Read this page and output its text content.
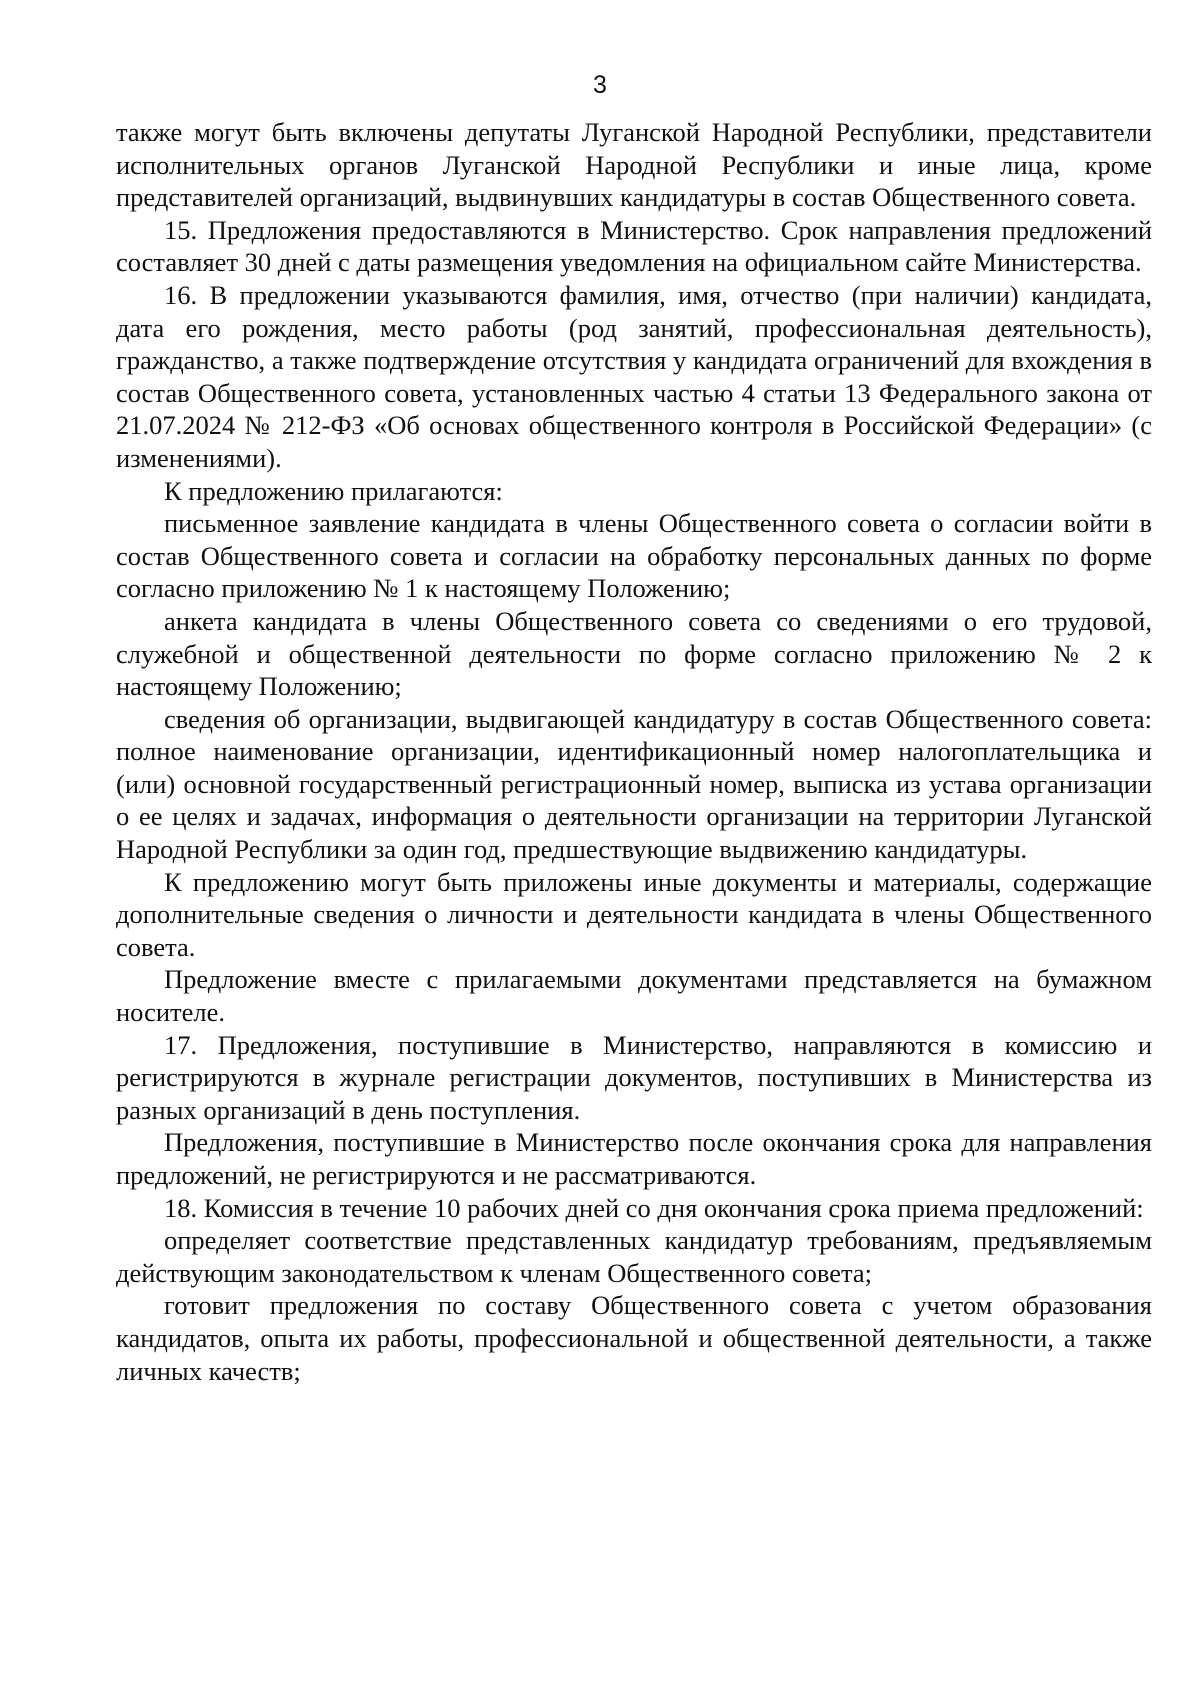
3

также могут быть включены депутаты Луганской Народной Республики, представители исполнительных органов Луганской Народной Республики и иные лица, кроме представителей организаций, выдвинувших кандидатуры в состав Общественного совета.

15. Предложения предоставляются в Министерство. Срок направления предложений составляет 30 дней с даты размещения уведомления на официальном сайте Министерства.

16. В предложении указываются фамилия, имя, отчество (при наличии) кандидата, дата его рождения, место работы (род занятий, профессиональная деятельность), гражданство, а также подтверждение отсутствия у кандидата ограничений для вхождения в состав Общественного совета, установленных частью 4 статьи 13 Федерального закона от 21.07.2024 № 212-ФЗ «Об основах общественного контроля в Российской Федерации» (с изменениями).

К предложению прилагаются:

письменное заявление кандидата в члены Общественного совета о согласии войти в состав Общественного совета и согласии на обработку персональных данных по форме согласно приложению № 1 к настоящему Положению;

анкета кандидата в члены Общественного совета со сведениями о его трудовой, служебной и общественной деятельности по форме согласно приложению № 2 к настоящему Положению;

сведения об организации, выдвигающей кандидатуру в состав Общественного совета: полное наименование организации, идентификационный номер налогоплательщика и (или) основной государственный регистрационный номер, выписка из устава организации о ее целях и задачах, информация о деятельности организации на территории Луганской Народной Республики за один год, предшествующие выдвижению кандидатуры.

К предложению могут быть приложены иные документы и материалы, содержащие дополнительные сведения о личности и деятельности кандидата в члены Общественного совета.

Предложение вместе с прилагаемыми документами представляется на бумажном носителе.

17. Предложения, поступившие в Министерство, направляются в комиссию и регистрируются в журнале регистрации документов, поступивших в Министерства из разных организаций в день поступления.

Предложения, поступившие в Министерство после окончания срока для направления предложений, не регистрируются и не рассматриваются.

18. Комиссия в течение 10 рабочих дней со дня окончания срока приема предложений:

определяет соответствие представленных кандидатур требованиям, предъявляемым действующим законодательством к членам Общественного совета;

готовит предложения по составу Общественного совета с учетом образования кандидатов, опыта их работы, профессиональной и общественной деятельности, а также личных качеств;
